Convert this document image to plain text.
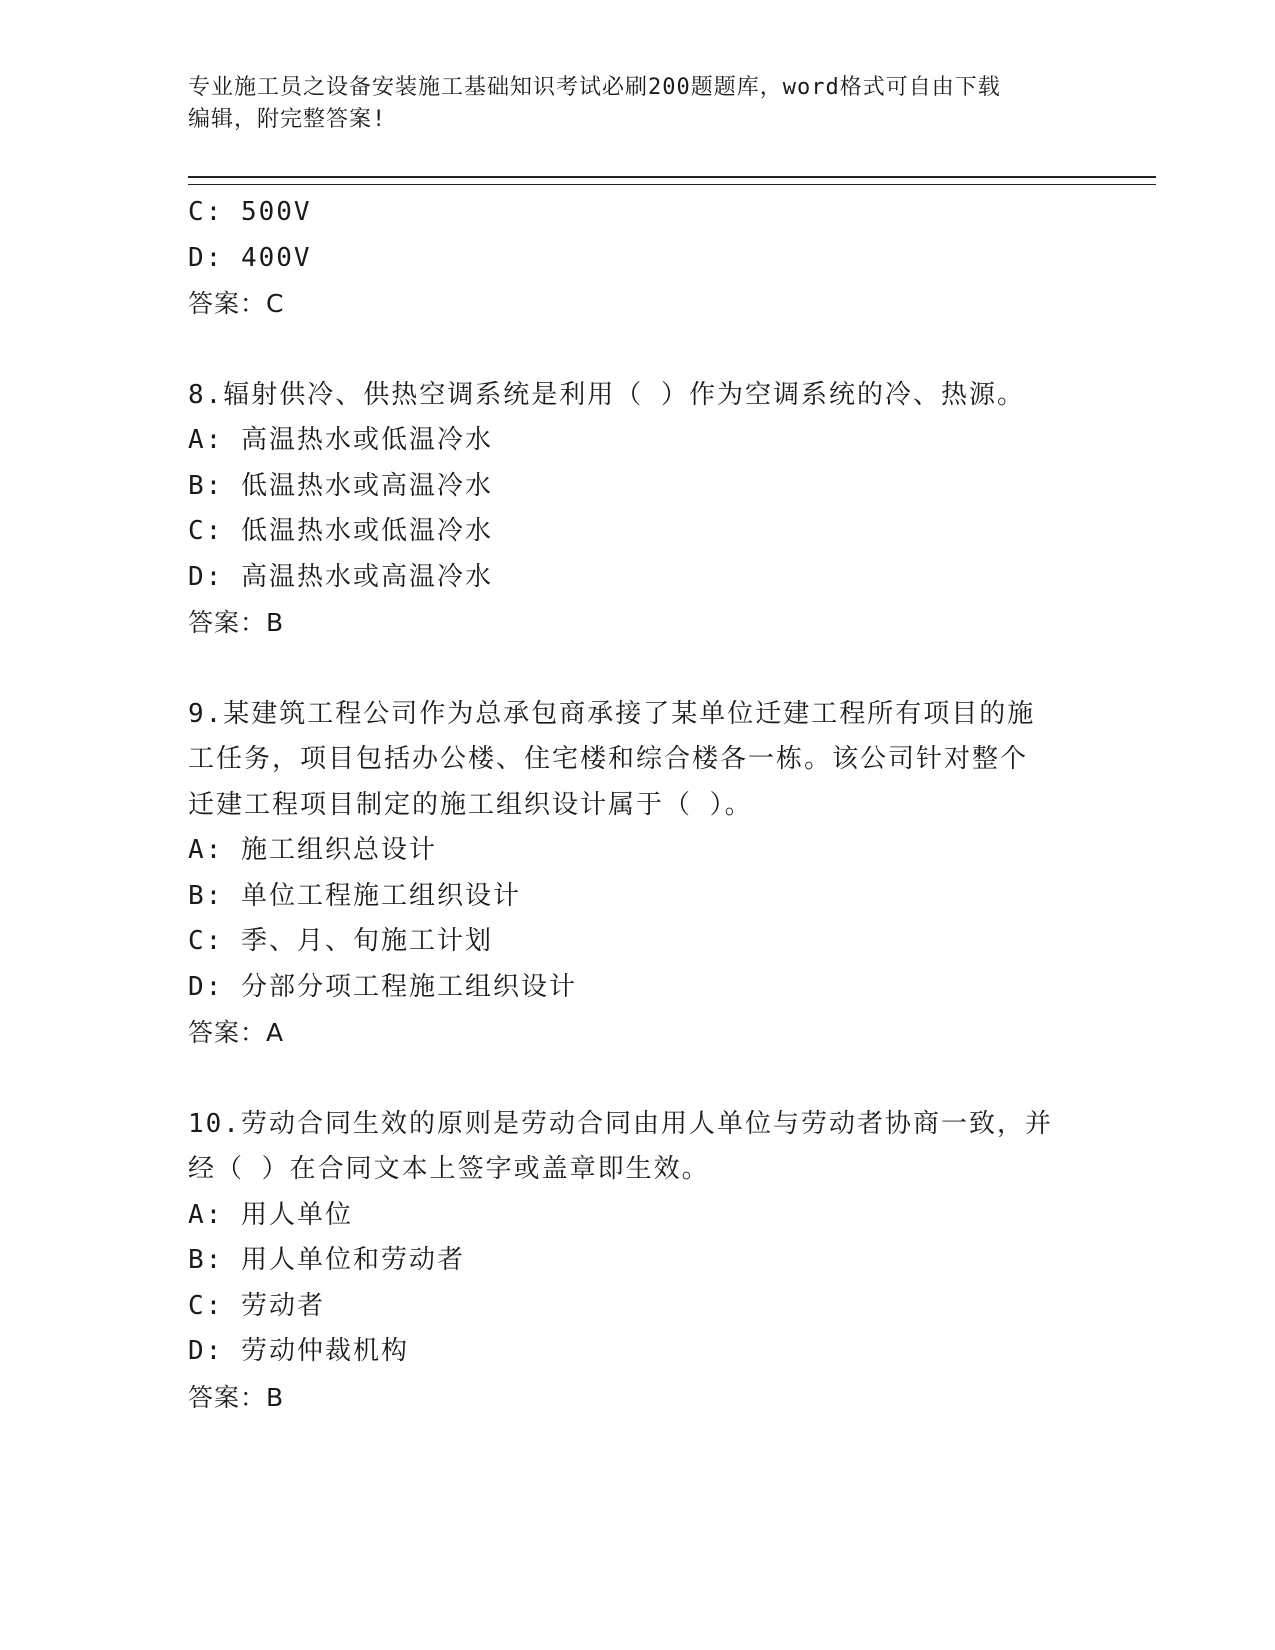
专业施工员之设备安装施工基础知识考试必刷200题题库，word格式可自由下载
编辑，附完整答案!
C: 500V
D: 400V
答案：C
8.辐射供冷、供热空调系统是利用（ ）作为空调系统的冷、热源。
A: 高温热水或低温冷水
B: 低温热水或高温冷水
C: 低温热水或低温冷水
D: 高温热水或高温冷水
答案：B
9.某建筑工程公司作为总承包商承接了某单位迁建工程所有项目的施
工任务，项目包括办公楼、住宅楼和综合楼各一栋。该公司针对整个
迁建工程项目制定的施工组织设计属于（ ）。
A: 施工组织总设计
B: 单位工程施工组织设计
C: 季、月、旬施工计划
D: 分部分项工程施工组织设计
答案：A
10.劳动合同生效的原则是劳动合同由用人单位与劳动者协商一致，并
经（ ）在合同文本上签字或盖章即生效。
A: 用人单位
B: 用人单位和劳动者
C: 劳动者
D: 劳动仲裁机构
答案：B
